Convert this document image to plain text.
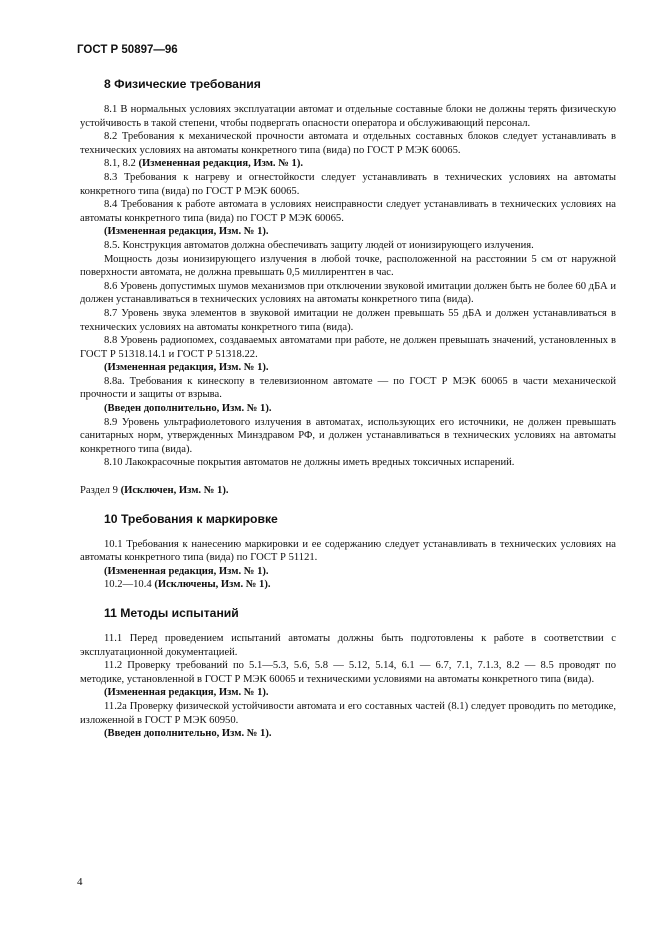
ГОСТ Р 50897—96
8 Физические требования

8.1 В нормальных условиях эксплуатации автомат и отдельные составные блоки не должны терять физическую устойчивость в такой степени, чтобы подвергать опасности оператора и обслуживающий персонал.

8.2 Требования к механической прочности автомата и отдельных составных блоков следует устанавливать в технических условиях на автоматы конкретного типа (вида) по ГОСТ Р МЭК 60065.

8.1, 8.2 (Измененная редакция, Изм. № 1).

8.3 Требования к нагреву и огнестойкости следует устанавливать в технических условиях на автоматы конкретного типа (вида) по ГОСТ Р МЭК 60065.

8.4 Требования к работе автомата в условиях неисправности следует устанавливать в технических условиях на автоматы конкретного типа (вида) по ГОСТ Р МЭК 60065.

(Измененная редакция, Изм. № 1).

8.5. Конструкция автоматов должна обеспечивать защиту людей от ионизирующего излучения.

Мощность дозы ионизирующего излучения в любой точке, расположенной на расстоянии 5 см от наружной поверхности автомата, не должна превышать 0,5 миллирентген в час.

8.6 Уровень допустимых шумов механизмов при отключении звуковой имитации должен быть не более 60 дБА и должен устанавливаться в технических условиях на автоматы конкретного типа (вида).

8.7 Уровень звука элементов в звуковой имитации не должен превышать 55 дБА и должен устанавливаться в технических условиях на автоматы конкретного типа (вида).

8.8 Уровень радиопомех, создаваемых автоматами при работе, не должен превышать значений, установленных в ГОСТ Р 51318.14.1 и ГОСТ Р 51318.22.

(Измененная редакция, Изм. № 1).

8.8а. Требования к кинескопу в телевизионном автомате — по ГОСТ Р МЭК 60065 в части механической прочности и защиты от взрыва.

(Введен дополнительно, Изм. № 1).

8.9 Уровень ультрафиолетового излучения в автоматах, использующих его источники, не должен превышать санитарных норм, утвержденных Минздравом РФ, и должен устанавливаться в технических условиях на автоматы конкретного типа (вида).

8.10 Лакокрасочные покрытия автоматов не должны иметь вредных токсичных испарений.

Раздел 9 (Исключен, Изм. № 1).

10 Требования к маркировке

10.1 Требования к нанесению маркировки и ее содержанию следует устанавливать в технических условиях на автоматы конкретного типа (вида) по ГОСТ Р 51121.

(Измененная редакция, Изм. № 1).

10.2—10.4 (Исключены, Изм. № 1).

11 Методы испытаний

11.1 Перед проведением испытаний автоматы должны быть подготовлены к работе в соответствии с эксплуатационной документацией.

11.2 Проверку требований по 5.1—5.3, 5.6, 5.8 — 5.12, 5.14, 6.1 — 6.7, 7.1, 7.1.3, 8.2 — 8.5 проводят по методике, установленной в ГОСТ Р МЭК 60065 и техническими условиями на автоматы конкретного типа (вида).

(Измененная редакция, Изм. № 1).

11.2а Проверку физической устойчивости автомата и его составных частей (8.1) следует проводить по методике, изложенной в ГОСТ Р МЭК 60950.

(Введен дополнительно, Изм. № 1).

4
